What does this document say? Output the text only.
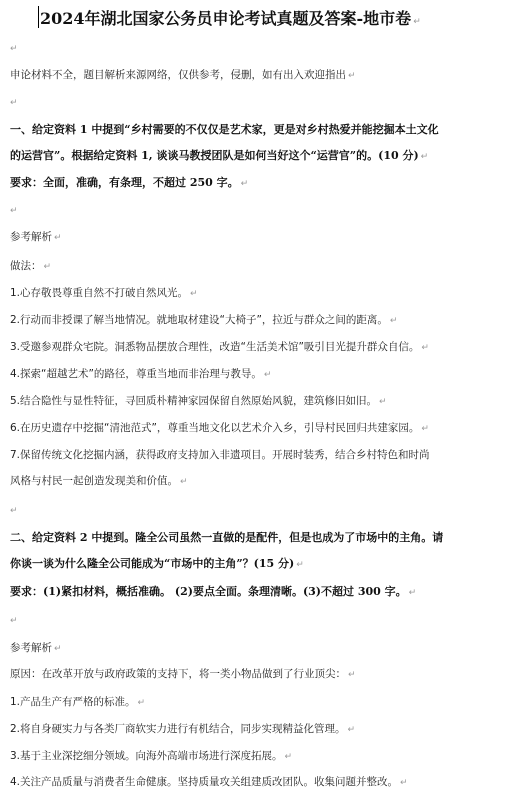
2024年湖北国家公务员申论考试真题及答案-地市卷 ↵
↵
申论材料不全，题目解析来源网络，仅供参考，侵删，如有出入欢迎指出 ↵
↵
一、给定资料 1 中提到“乡村需要的不仅仅是艺术家，更是对乡村热爱并能挖掘本土文化
的运营官”。根据给定资料 1, 谈谈马教授团队是如何当好这个“运营官”的。(10 分) ↵
要求：全面，准确，有条理，不超过 250 字。 ↵
↵
参考解析 ↵
做法： ↵
1.心存敬畏尊重自然不打破自然风光。 ↵
2.行动而非授课了解当地情况。就地取材建设“大椅子”，拉近与群众之间的距离。 ↵
3.受邀参观群众宅院。洞悉物品摆放合理性，改造“生活美术馆”吸引目光提升群众自信。 ↵
4.探索“超越艺术”的路径，尊重当地而非治理与教导。 ↵
5.结合隐性与显性特征，寻回质朴精神家园保留自然原始风貌，建筑修旧如旧。 ↵
6.在历史遗存中挖掘“清池范式”，尊重当地文化以艺术介入乡，引导村民回归共建家园。 ↵
7.保留传统文化挖掘内涵，获得政府支持加入非遗项目。开展时装秀，结合乡村特色和时尚
风格与村民一起创造发现美和价值。 ↵
↵
二、给定资料 2 中提到。隆全公司虽然一直做的是配件，但是也成为了市场中的主角。请
你谈一谈为什么隆全公司能成为“市场中的主角”？(15 分) ↵
要求：(1)紧扣材料，概括准确。 (2)要点全面。条理清晰。(3)不超过 300 字。 ↵
↵
参考解析 ↵
原因：在改革开放与政府政策的支持下，将一类小物品做到了行业顶尖： ↵
1.产品生产有严格的标准。 ↵
2.将自身硬实力与各类厂商软实力进行有机结合，同步实现精益化管理。 ↵
3.基于主业深挖细分领域。向海外高端市场进行深度拓展。 ↵
4.关注产品质量与消费者生命健康。坚持质量攻关组建质改团队。收集问题并整改。 ↵
